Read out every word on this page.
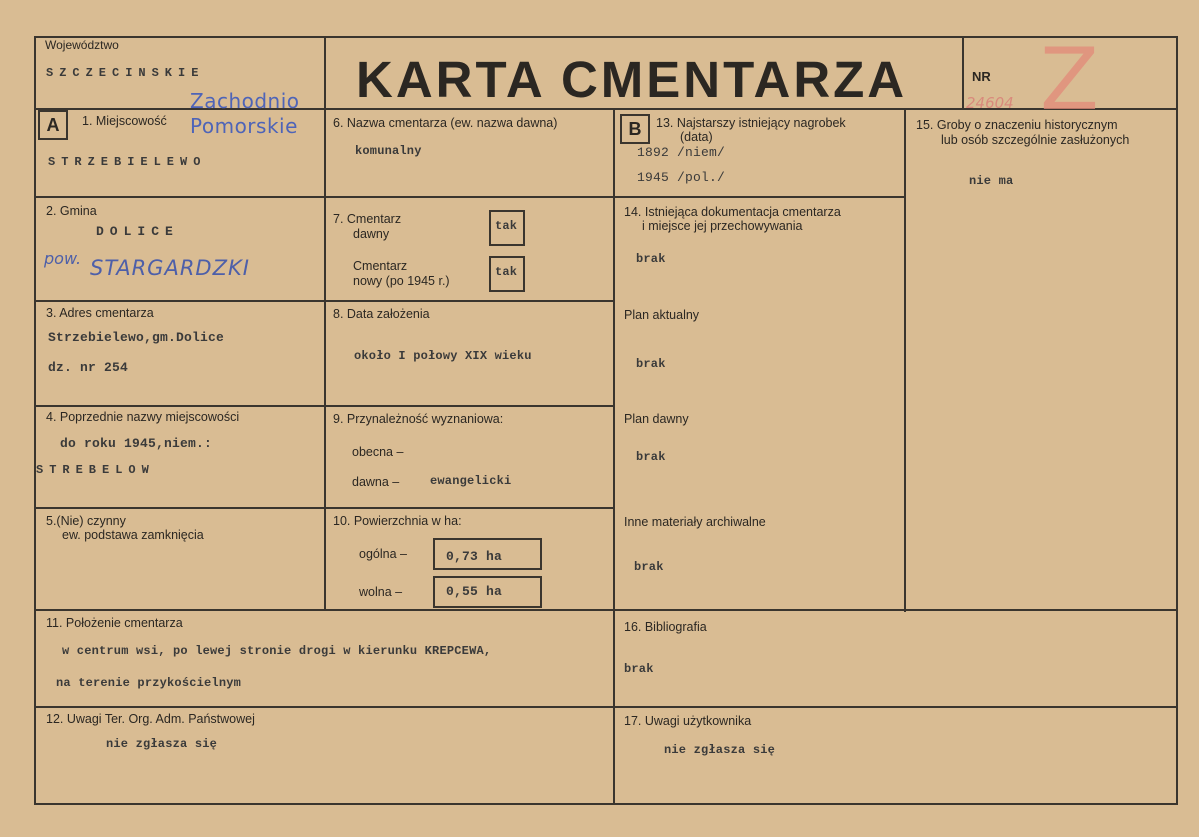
Województwo
SZCZECINSKIE	KARTA CMENTARZA	NR Z
24604
Zachodnio
Pomorskie
A	1. Miejscowość
STRZEBIELEWO
2. Gmina
DOLICE
pow. STARGARDZKI
3. Adres cmentarza
Strzebielewo,gm.Dolice
dz. nr 254
4. Poprzednie nazwy miejscowości
do roku 1945,niem.:
STREBELOW
5.(Nie) czynny
ew. podstawa zamknięcia
6. Nazwa cmentarza (ew. nazwa dawna)
komunalny
7. Cmentarz
dawny
tak
Cmentarz
nowy (po 1945 r.)
tak
8. Data założenia
około I połowy XIX wieku
9. Przynależność wyznaniowa:
obecna –
dawna –	ewangelicki
10. Powierzchnia w ha:
ogólna –	0,73 ha
wolna –	0,55 ha
B	13. Najstarszy istniejący nagrobek
(data)
1892 /niem/
1945 /pol./
14. Istniejąca dokumentacja cmentarza
i miejsce jej przechowywania
brak
Plan aktualny
brak
Plan dawny
brak
Inne materiały archiwalne
brak
15. Groby o znaczeniu historycznym
lub osób szczególnie zasłużonych
nie ma
11. Położenie cmentarza
w centrum wsi, po lewej stronie drogi w kierunku KREPCEWA,
na terenie przykościelnym
16. Bibliografia
brak
12. Uwagi Ter. Org. Adm. Państwowej
nie zgłasza się
17. Uwagi użytkownika
nie zgłasza się
